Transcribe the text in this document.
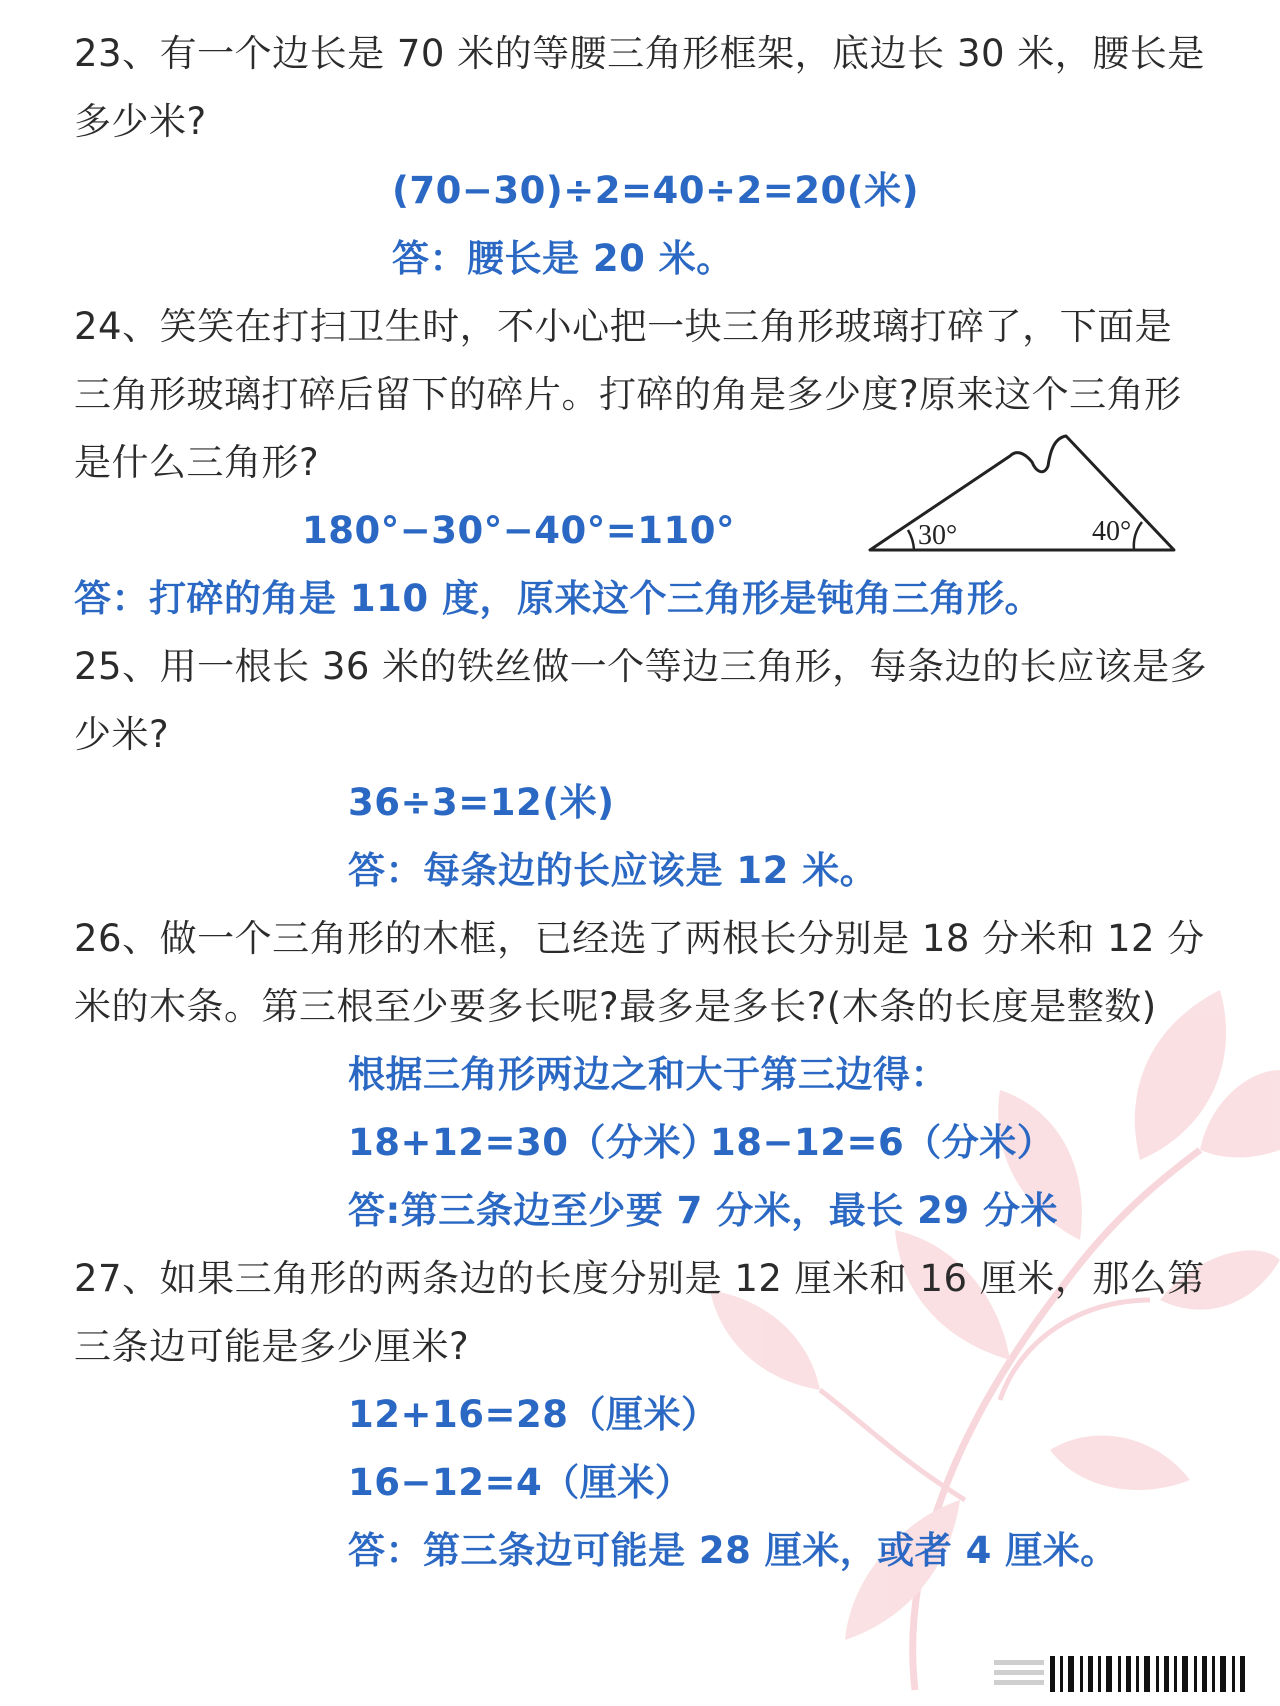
23、有一个边长是 70 米的等腰三角形框架，底边长 30 米，腰长是
多少米?
(70−30)÷2=40÷2=20(米)
答：腰长是 20 米。
24、笑笑在打扫卫生时，不小心把一块三角形玻璃打碎了，下面是
三角形玻璃打碎后留下的碎片。打碎的角是多少度?原来这个三角形
是什么三角形?
180°−30°−40°=110°
答：打碎的角是 110 度，原来这个三角形是钝角三角形。
30°	40°
25、用一根长 36 米的铁丝做一个等边三角形，每条边的长应该是多
少米?
36÷3=12(米)
答：每条边的长应该是 12 米。
26、做一个三角形的木框，已经选了两根长分别是 18 分米和 12 分
米的木条。第三根至少要多长呢?最多是多长?(木条的长度是整数)
根据三角形两边之和大于第三边得：
18+12=30（分米）
18−12=6（分米）
答:第三条边至少要 7 分米，最长 29 分米
27、如果三角形的两条边的长度分别是 12 厘米和 16 厘米，那么第
三条边可能是多少厘米?
12+16=28（厘米）
16−12=4（厘米）
答：第三条边可能是 28 厘米，或者 4 厘米。
